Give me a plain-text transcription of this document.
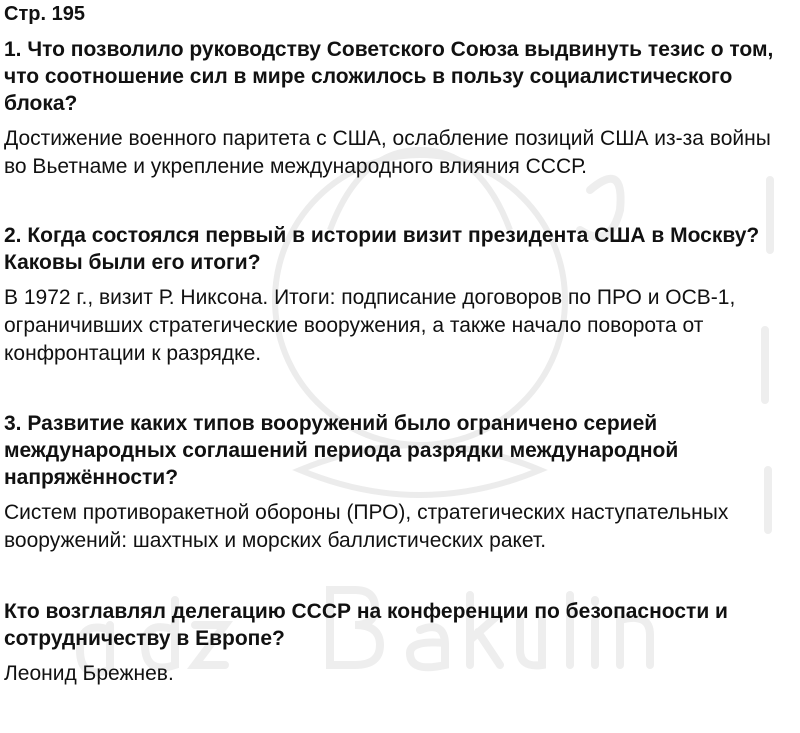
Стр. 195

1. Что позволило руководству Советского Союза выдвинуть тезис о том, что соотношение сил в мире сложилось в пользу социалистического блока?

Достижение военного паритета с США, ослабление позиций США из-за войны во Вьетнаме и укрепление международного влияния СССР.

2. Когда состоялся первый в истории визит президента США в Москву? Каковы были его итоги?

В 1972 г., визит Р. Никсона. Итоги: подписание договоров по ПРО и ОСВ-1, ограничивших стратегические вооружения, а также начало поворота от конфронтации к разрядке.

3. Развитие каких типов вооружений было ограничено серией международных соглашений периода разрядки международной напряжённости?

Систем противоракетной обороны (ПРО), стратегических наступательных вооружений: шахтных и морских баллистических ракет.

Кто возглавлял делегацию СССР на конференции по безопасности и сотрудничеству в Европе?

Леонид Брежнев.
